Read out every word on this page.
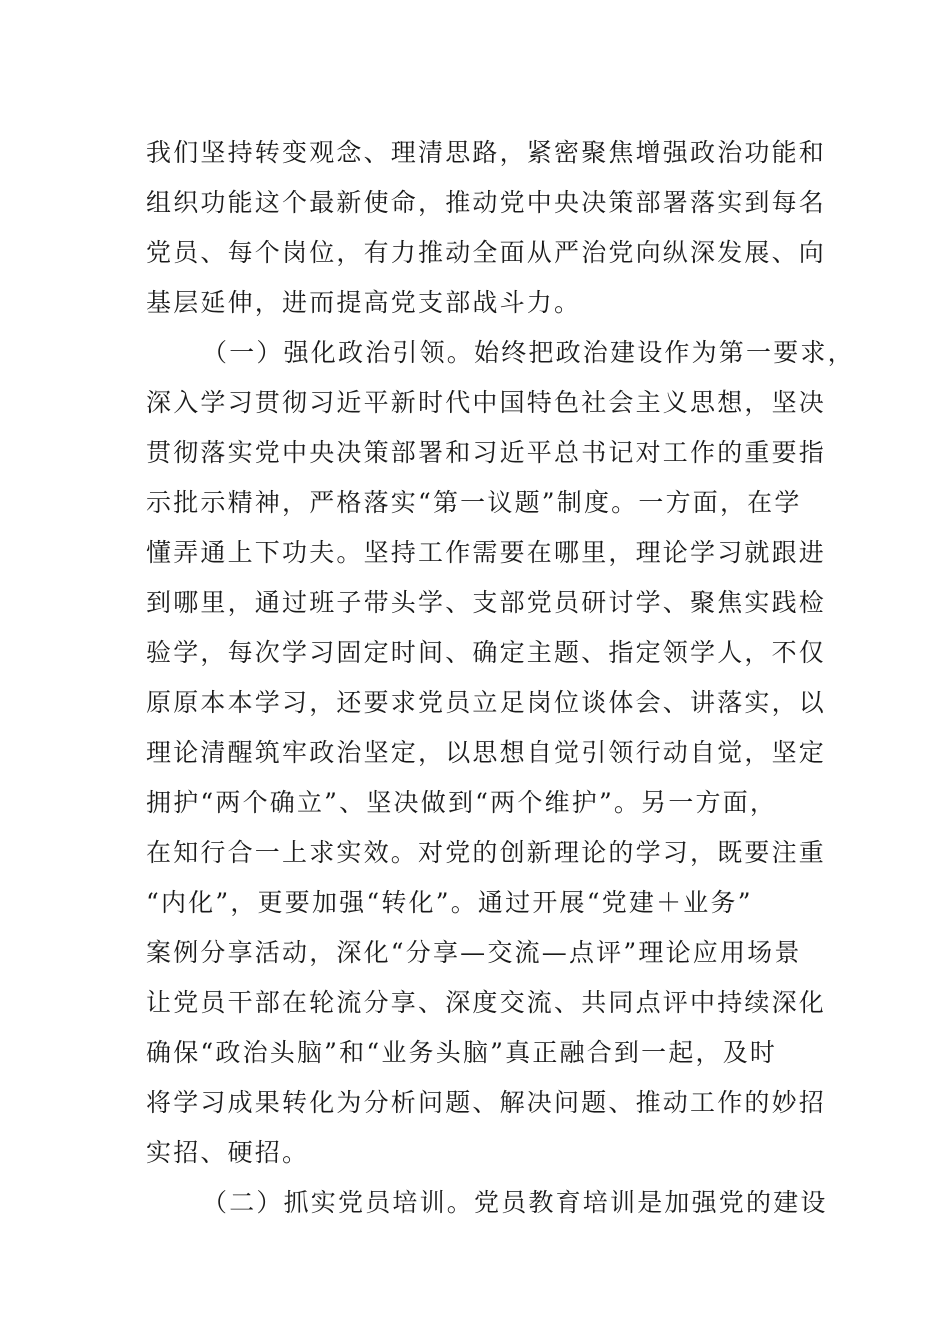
我们坚持转变观念、理清思路，紧密聚焦增强政治功能和
组织功能这个最新使命，推动党中央决策部署落实到每名
党员、每个岗位，有力推动全面从严治党向纵深发展、向
基层延伸，进而提高党支部战斗力。
（一）强化政治引领。始终把政治建设作为第一要求，
深入学习贯彻习近平新时代中国特色社会主义思想，坚决
贯彻落实党中央决策部署和习近平总书记对工作的重要指
示批示精神，严格落实“第一议题”制度。一方面，在学
懂弄通上下功夫。坚持工作需要在哪里，理论学习就跟进
到哪里，通过班子带头学、支部党员研讨学、聚焦实践检
验学，每次学习固定时间、确定主题、指定领学人，不仅
原原本本学习，还要求党员立足岗位谈体会、讲落实，以
理论清醒筑牢政治坚定，以思想自觉引领行动自觉，坚定
拥护“两个确立”、坚决做到“两个维护”。另一方面，
在知行合一上求实效。对党的创新理论的学习，既要注重
“内化”，更要加强“转化”。通过开展“党建＋业务”
案例分享活动，深化“分享—交流—点评”理论应用场景
让党员干部在轮流分享、深度交流、共同点评中持续深化
确保“政治头脑”和“业务头脑”真正融合到一起，及时
将学习成果转化为分析问题、解决问题、推动工作的妙招
实招、硬招。
（二）抓实党员培训。党员教育培训是加强党的建设
